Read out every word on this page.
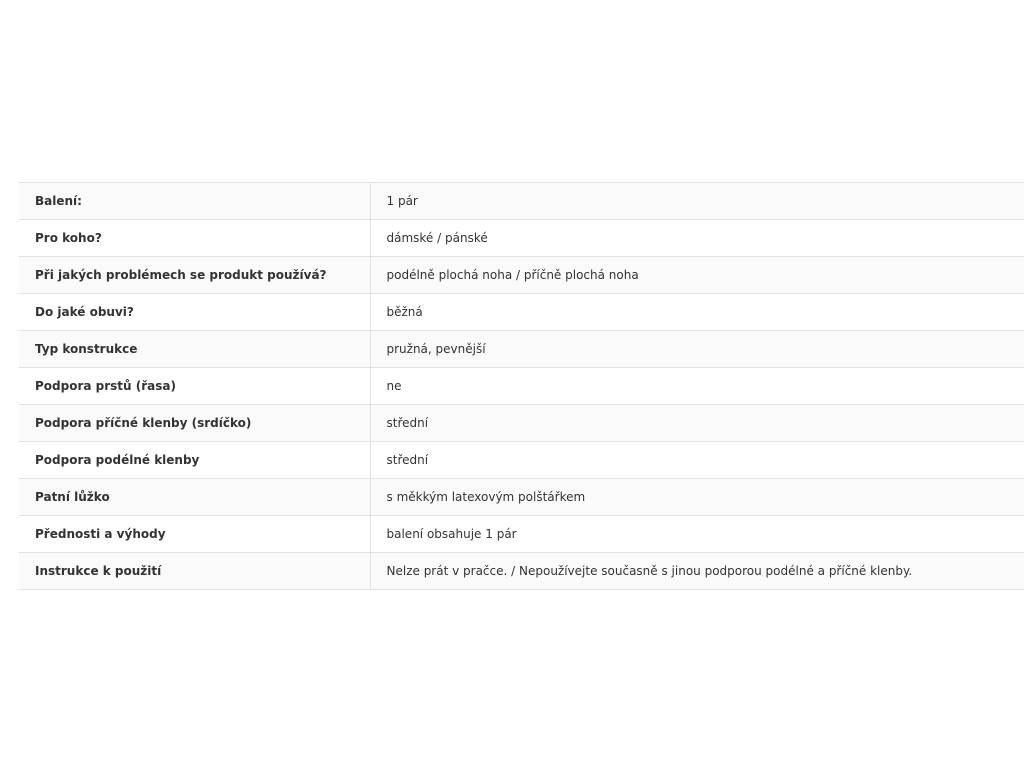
Balení:	1 pár
Pro koho?	dámské / pánské
Při jakých problémech se produkt používá?	podélně plochá noha / příčně plochá noha
Do jaké obuvi?	běžná
Typ konstrukce	pružná, pevnější
Podpora prstů (řasa)	ne
Podpora příčné klenby (srdíčko)	střední
Podpora podélné klenby	střední
Patní lůžko	s měkkým latexovým polštářkem
Přednosti a výhody	balení obsahuje 1 pár
Instrukce k použití	Nelze prát v pračce. / Nepoužívejte současně s jinou podporou podélné a příčné klenby.
